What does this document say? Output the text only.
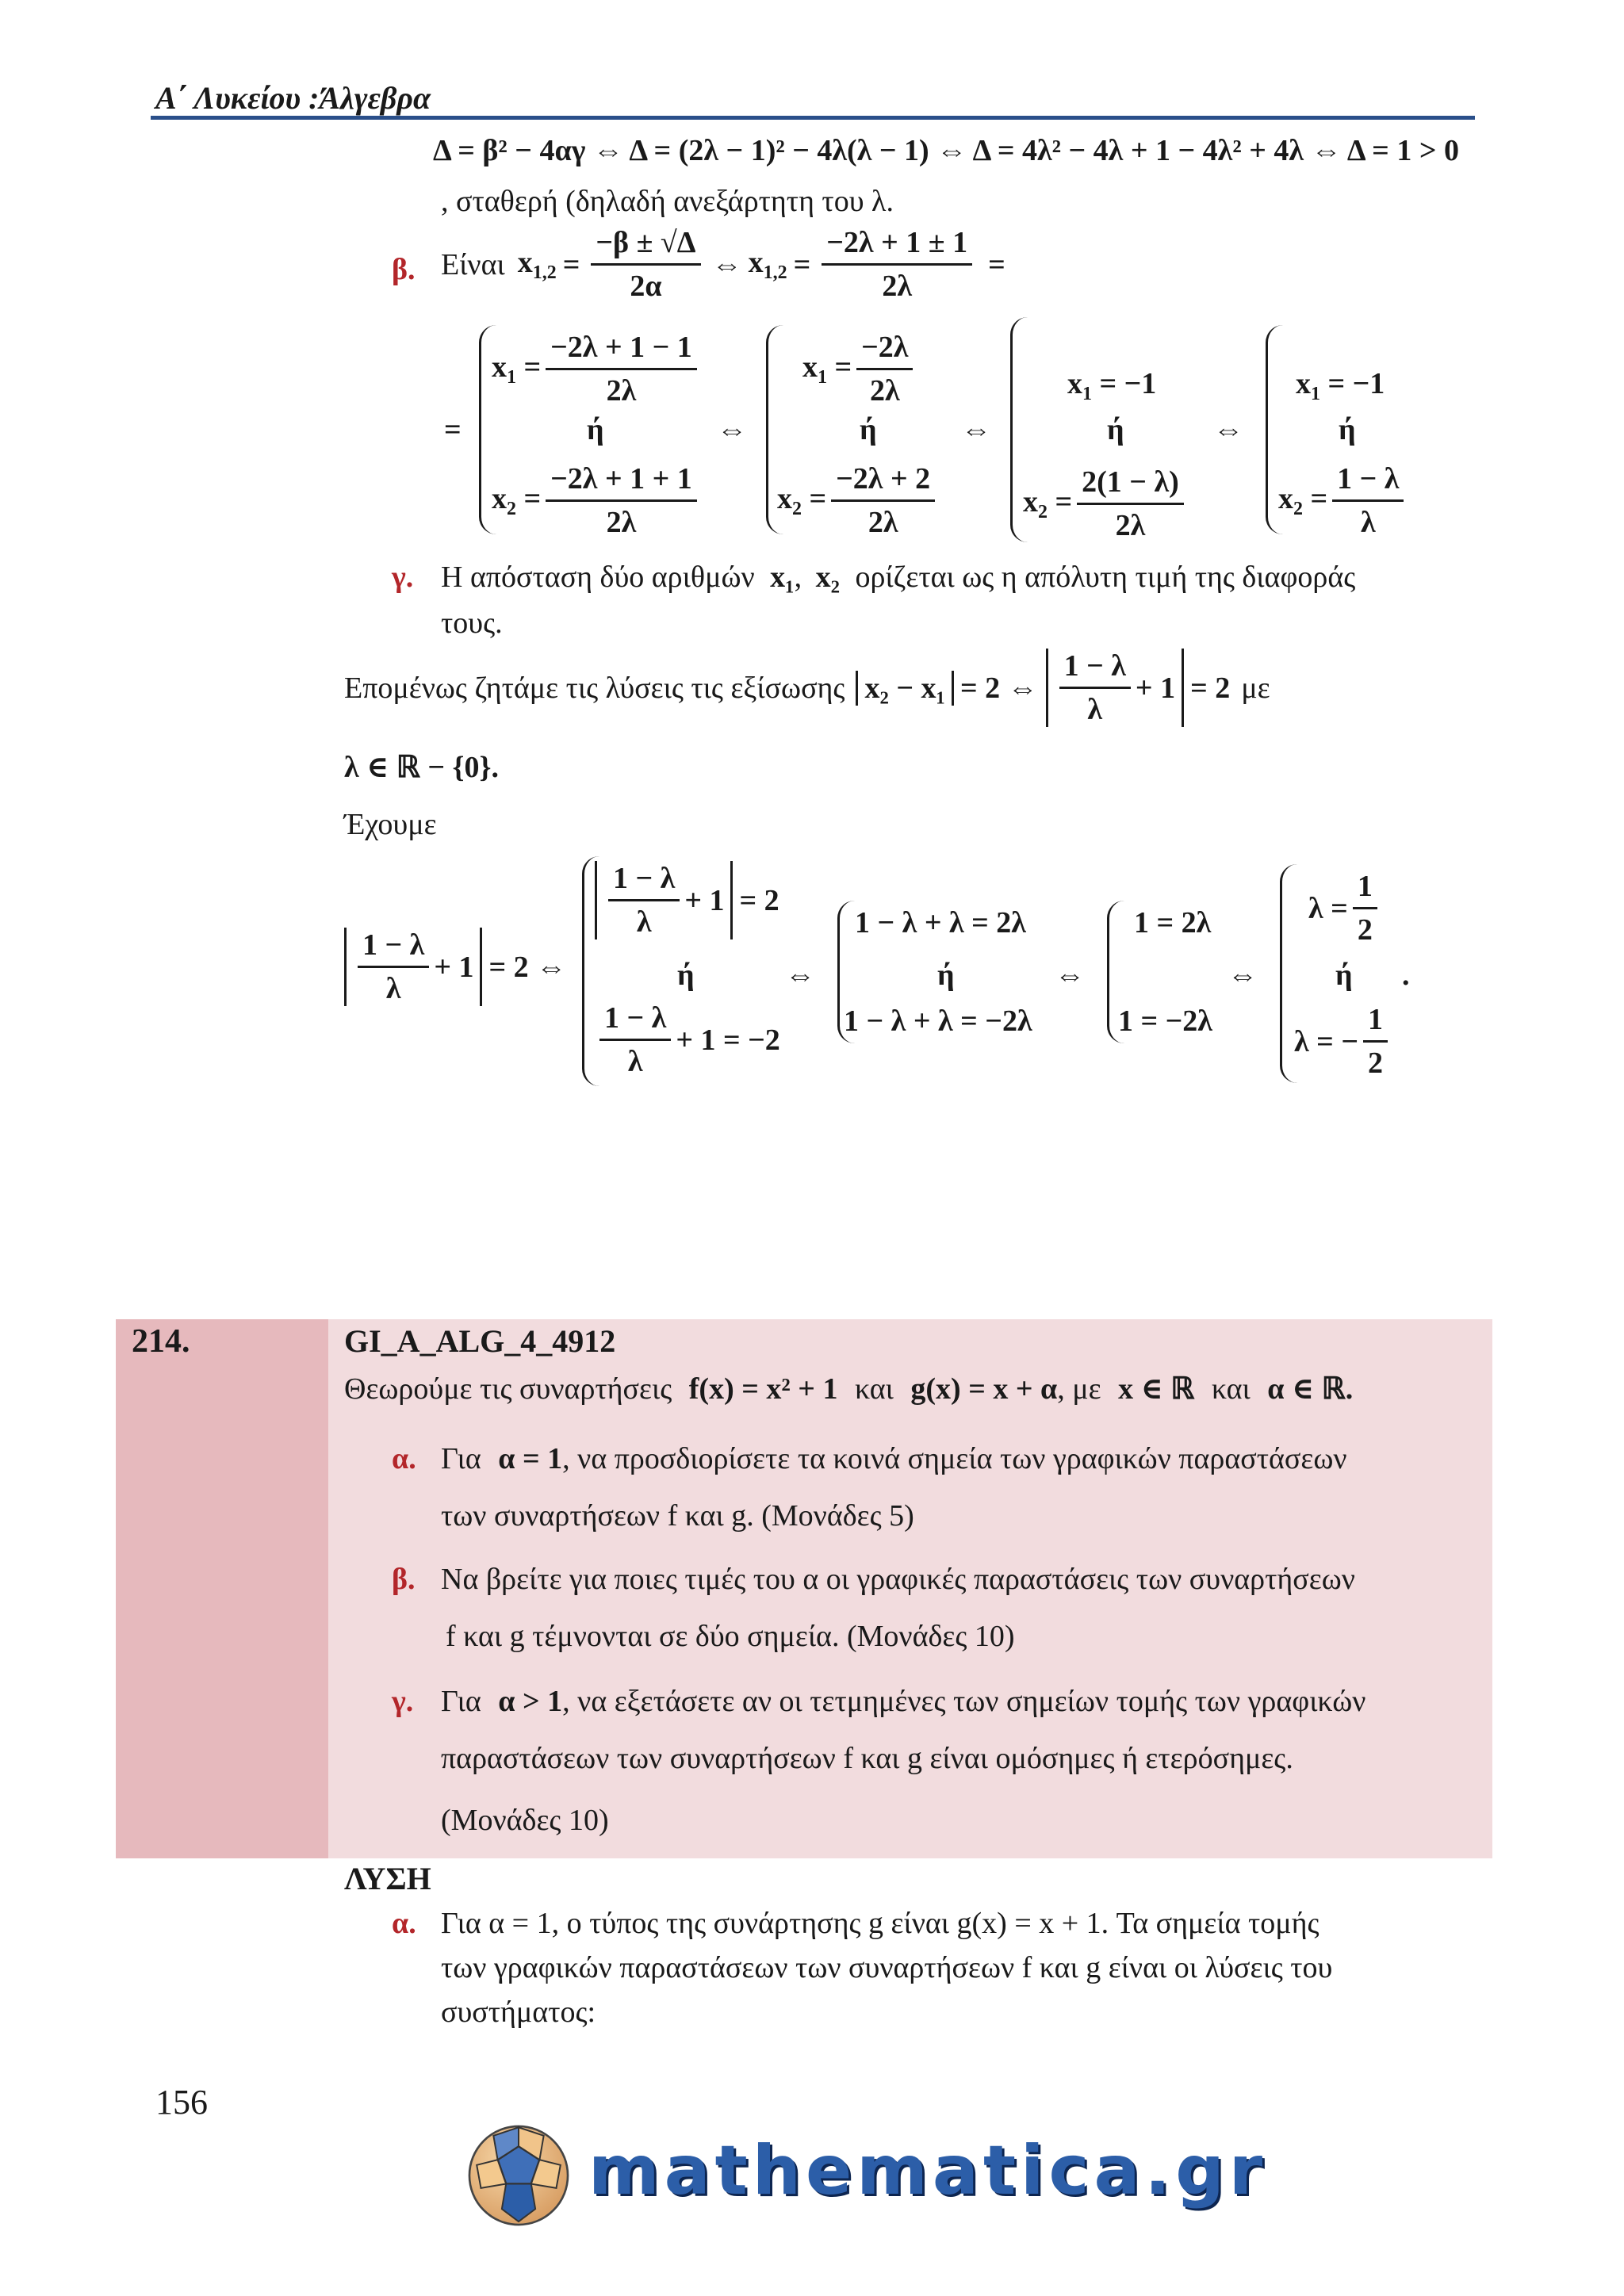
Α΄ Λυκείου :Άλγεβρα
Δ = β² − 4αγ ⇔ Δ = (2λ − 1)² − 4λ(λ − 1) ⇔ Δ = 4λ² − 4λ + 1 − 4λ² + 4λ ⇔ Δ = 1 > 0
, σταθερή (δηλαδή ανεξάρτητη του λ.
β. Είναι $x_{1,2} = \frac{-\beta \pm √\Delta}{2\alpha}$ ⇔ $x_{1,2} = \frac{-2\lambda + 1 \pm 1}{2\lambda}$ =
=
$x_1 = \frac{-2\lambda + 1 - 1}{2\lambda}$
ή
$x_2 = \frac{-2\lambda + 1 + 1}{2\lambda}$
⇔
$x_1 = \frac{-2\lambda}{2\lambda}$
ή
$x_2 = \frac{-2\lambda + 2}{2\lambda}$
⇔
$x_1 = -1$
ή
$x_2 = \frac{2(1 - \lambda)}{2\lambda}$
⇔
$x_1 = -1$
ή
$x_2 = \frac{1 - \lambda}{\lambda}$
γ. Η απόσταση δύο αριθμών x₁, x₂ ορίζεται ως η απόλυτη τιμή της διαφοράς
τους.
Επομένως ζητάμε τις λύσεις τις εξίσωσης x₂ − x₁ = 2 ⇔ $\frac{1 - \lambda}{\lambda} + 1 = 2$ με
λ ∈ ℝ − {0}.
Έχουμε
$\frac{1 - \lambda}{\lambda} + 1 = 2$ ⇔
$\frac{1 - \lambda}{\lambda} + 1 = 2$
ή
$\frac{1 - \lambda}{\lambda} + 1 = -2$
⇔
1 − λ + λ = 2λ
ή
1 − λ + λ = −2λ
⇔
1 = 2λ
1 = −2λ
⇔
$\lambda = \frac{1}{2}$
ή
λ = − $\frac{1}{2}$
.
214.	GI_A_ALG_4_4912
Θεωρούμε τις συναρτήσεις f(x) = x² + 1 και g(x) = x + α, με x ∈ ℝ και α ∈ ℝ.
α. Για α = 1, να προσδιορίσετε τα κοινά σημεία των γραφικών παραστάσεων
των συναρτήσεων f και g. (Μονάδες 5)
β. Να βρείτε για ποιες τιμές του α οι γραφικές παραστάσεις των συναρτήσεων
f και g τέμνονται σε δύο σημεία. (Μονάδες 10)
γ. Για α > 1, να εξετάσετε αν οι τετμημένες των σημείων τομής των γραφικών
παραστάσεων των συναρτήσεων f και g είναι ομόσημες ή ετερόσημες.
(Μονάδες 10)
ΛΥΣΗ
α. Για α = 1, ο τύπος της συνάρτησης g είναι g(x) = x + 1. Τα σημεία τομής
των γραφικών παραστάσεων των συναρτήσεων f και g είναι οι λύσεις του
συστήματος:
156
mathematica.gr
